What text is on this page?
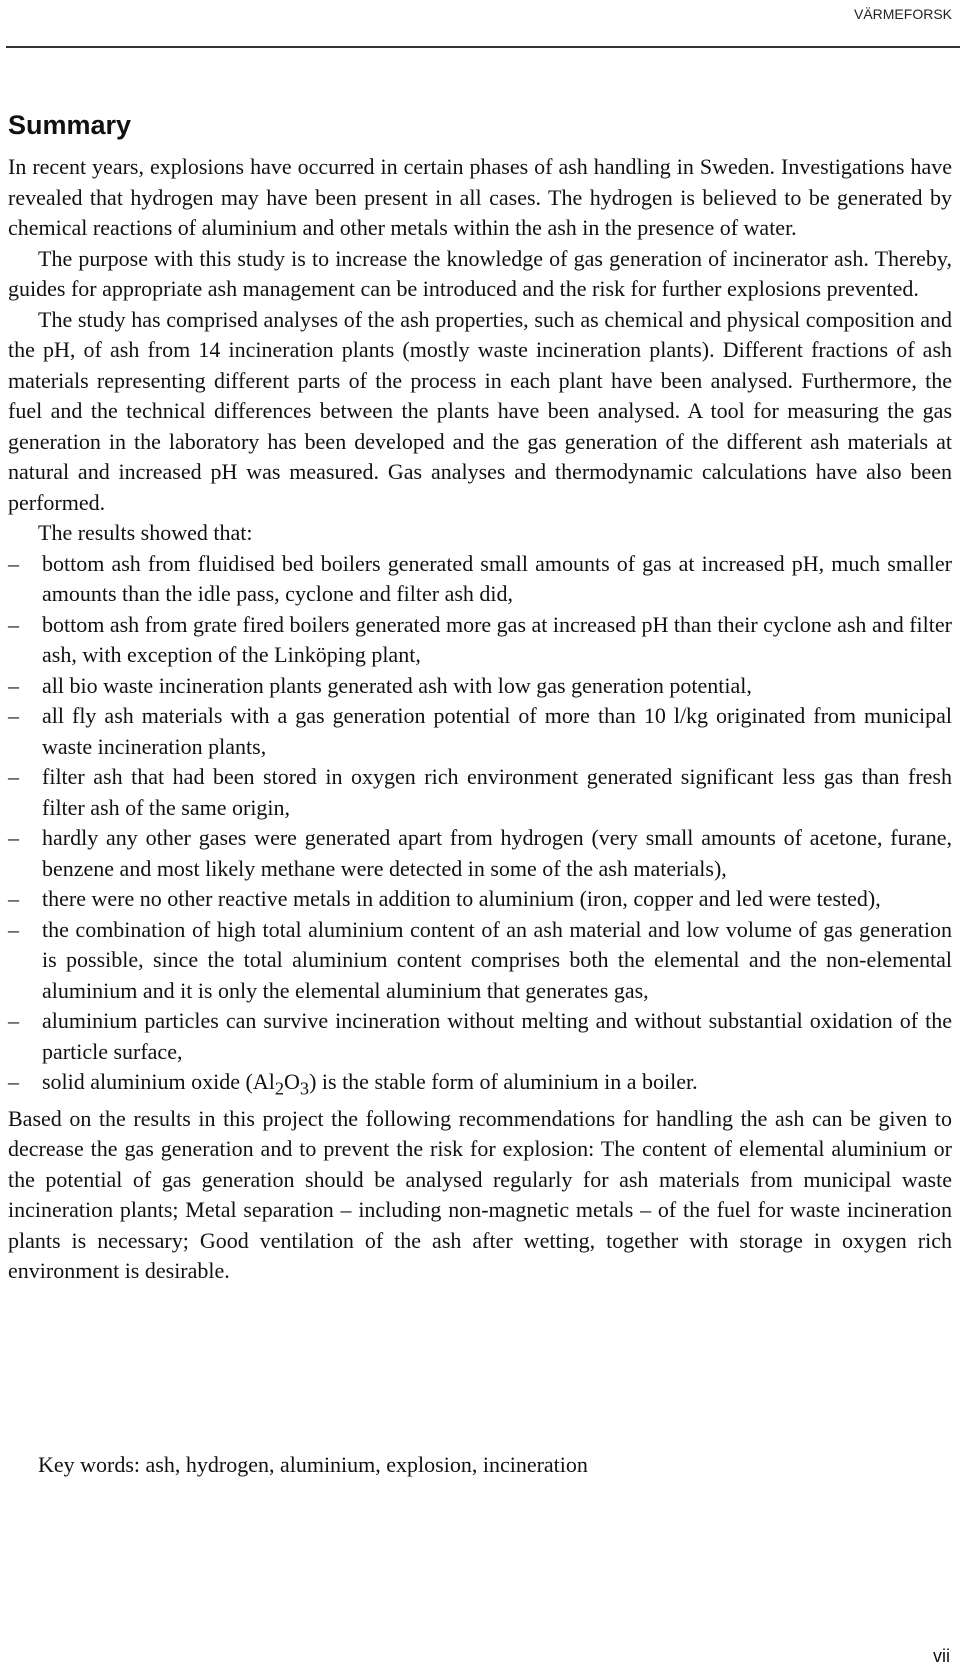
VÄRMEFORSK
Summary

In recent years, explosions have occurred in certain phases of ash handling in Sweden. Investigations have revealed that hydrogen may have been present in all cases. The hydrogen is believed to be generated by chemical reactions of aluminium and other metals within the ash in the presence of water.

The purpose with this study is to increase the knowledge of gas generation of incinerator ash. Thereby, guides for appropriate ash management can be introduced and the risk for further explosions prevented.

The study has comprised analyses of the ash properties, such as chemical and physical composition and the pH, of ash from 14 incineration plants (mostly waste incineration plants). Different fractions of ash materials representing different parts of the process in each plant have been analysed. Furthermore, the fuel and the technical differences between the plants have been analysed. A tool for measuring the gas generation in the laboratory has been developed and the gas generation of the different ash materials at natural and increased pH was measured. Gas analyses and thermodynamic calculations have also been performed.

The results showed that:

–	bottom ash from fluidised bed boilers generated small amounts of gas at increased pH, much smaller amounts than the idle pass, cyclone and filter ash did,
–	bottom ash from grate fired boilers generated more gas at increased pH than their cyclone ash and filter ash, with exception of the Linköping plant,
–	all bio waste incineration plants generated ash with low gas generation potential,
–	all fly ash materials with a gas generation potential of more than 10 l/kg originated from municipal waste incineration plants,
–	filter ash that had been stored in oxygen rich environment generated significant less gas than fresh filter ash of the same origin,
–	hardly any other gases were generated apart from hydrogen (very small amounts of acetone, furane, benzene and most likely methane were detected in some of the ash materials),
–	there were no other reactive metals in addition to aluminium (iron, copper and led were tested),
–	the combination of high total aluminium content of an ash material and low volume of gas generation is possible, since the total aluminium content comprises both the elemental and the non-elemental aluminium and it is only the elemental aluminium that generates gas,
–	aluminium particles can survive incineration without melting and without substantial oxidation of the particle surface,
–	solid aluminium oxide $(Al_2O_3)$ is the stable form of aluminium in a boiler.

Based on the results in this project the following recommendations for handling the ash can be given to decrease the gas generation and to prevent the risk for explosion: The content of elemental aluminium or the potential of gas generation should be analysed regularly for ash materials from municipal waste incineration plants; Metal separation – including non-magnetic metals – of the fuel for waste incineration plants is necessary; Good ventilation of the ash after wetting, together with storage in oxygen rich environment is desirable.

Key words: ash, hydrogen, aluminium, explosion, incineration
vii
